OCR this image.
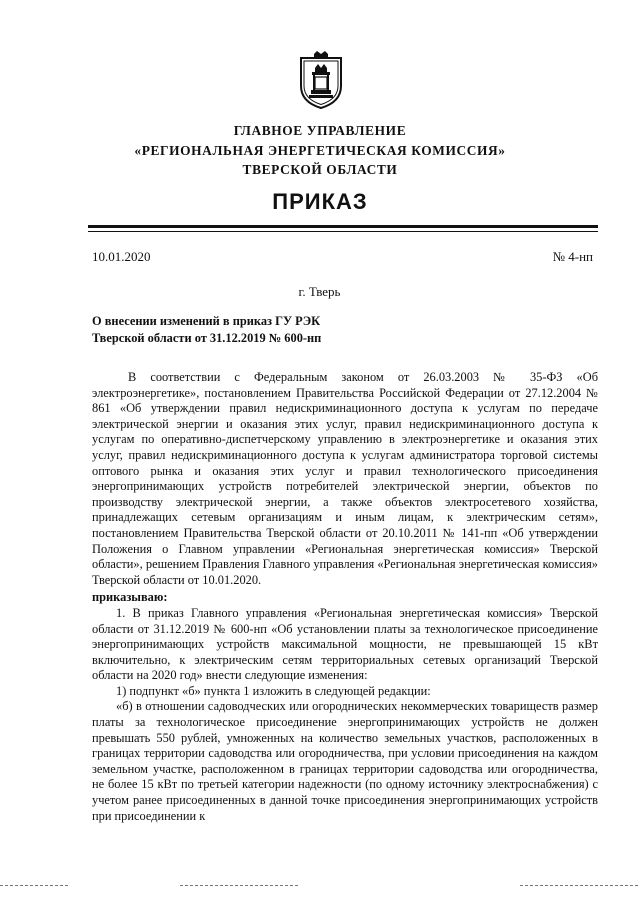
ГЛАВНОЕ УПРАВЛЕНИЕ
«РЕГИОНАЛЬНАЯ ЭНЕРГЕТИЧЕСКАЯ КОМИССИЯ»
ТВЕРСКОЙ ОБЛАСТИ
ПРИКАЗ
10.01.2020	№ 4-нп
г. Тверь
О внесении изменений в приказ ГУ РЭК
Тверской области от 31.12.2019 № 600-нп

В соответствии с Федеральным законом от 26.03.2003 № 35-ФЗ «Об электроэнергетике», постановлением Правительства Российской Федерации от 27.12.2004 № 861 «Об утверждении правил недискриминационного доступа к услугам по передаче электрической энергии и оказания этих услуг, правил недискриминационного доступа к услугам по оперативно-диспетчерскому управлению в электроэнергетике и оказания этих услуг, правил недискриминационного доступа к услугам администратора торговой системы оптового рынка и оказания этих услуг и правил технологического присоединения энергопринимающих устройств потребителей электрической энергии, объектов по производству электрической энергии, а также объектов электросетевого хозяйства, принадлежащих сетевым организациям и иным лицам, к электрическим сетям», постановлением Правительства Тверской области от 20.10.2011 № 141-пп «Об утверждении Положения о Главном управлении «Региональная энергетическая комиссия» Тверской области», решением Правления Главного управления «Региональная энергетическая комиссия» Тверской области от 10.01.2020.

приказываю:

1. В приказ Главного управления «Региональная энергетическая комиссия» Тверской области от 31.12.2019 № 600-нп «Об установлении платы за технологическое присоединение энергопринимающих устройств максимальной мощности, не превышающей 15 кВт включительно, к электрическим сетям территориальных сетевых организаций Тверской области на 2020 год» внести следующие изменения:

1) подпункт «б» пункта 1 изложить в следующей редакции:

«б) в отношении садоводческих или огороднических некоммерческих товариществ размер платы за технологическое присоединение энергопринимающих устройств не должен превышать 550 рублей, умноженных на количество земельных участков, расположенных в границах территории садоводства или огородничества, при условии присоединения на каждом земельном участке, расположенном в границах территории садоводства или огородничества, не более 15 кВт по третьей категории надежности (по одному источнику электроснабжения) с учетом ранее присоединенных в данной точке присоединения энергопринимающих устройств при присоединении к
